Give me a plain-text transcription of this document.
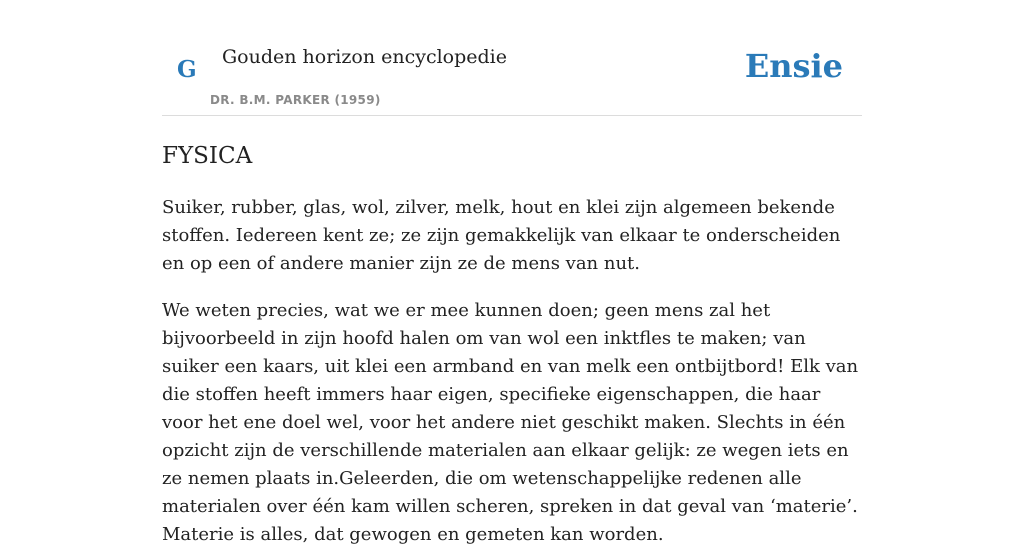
G Gouden horizon encyclopedie
DR. B.M. PARKER (1959)
Ensie
FYSICA

Suiker, rubber, glas, wol, zilver, melk, hout en klei zijn algemeen bekende stoffen. Iedereen kent ze; ze zijn gemakkelijk van elkaar te onderscheiden en op een of andere manier zijn ze de mens van nut.

We weten precies, wat we er mee kunnen doen; geen mens zal het bijvoorbeeld in zijn hoofd halen om van wol een inktfles te maken; van suiker een kaars, uit klei een armband en van melk een ontbijtbord! Elk van die stoffen heeft immers haar eigen, specifieke eigenschappen, die haar voor het ene doel wel, voor het andere niet geschikt maken. Slechts in één opzicht zijn de verschillende materialen aan elkaar gelijk: ze wegen iets en ze nemen plaats in.Geleerden, die om wetenschappelijke redenen alle materialen over één kam willen scheren, spreken in dat geval van ‘materie’. Materie is alles, dat gewogen en gemeten kan worden.
